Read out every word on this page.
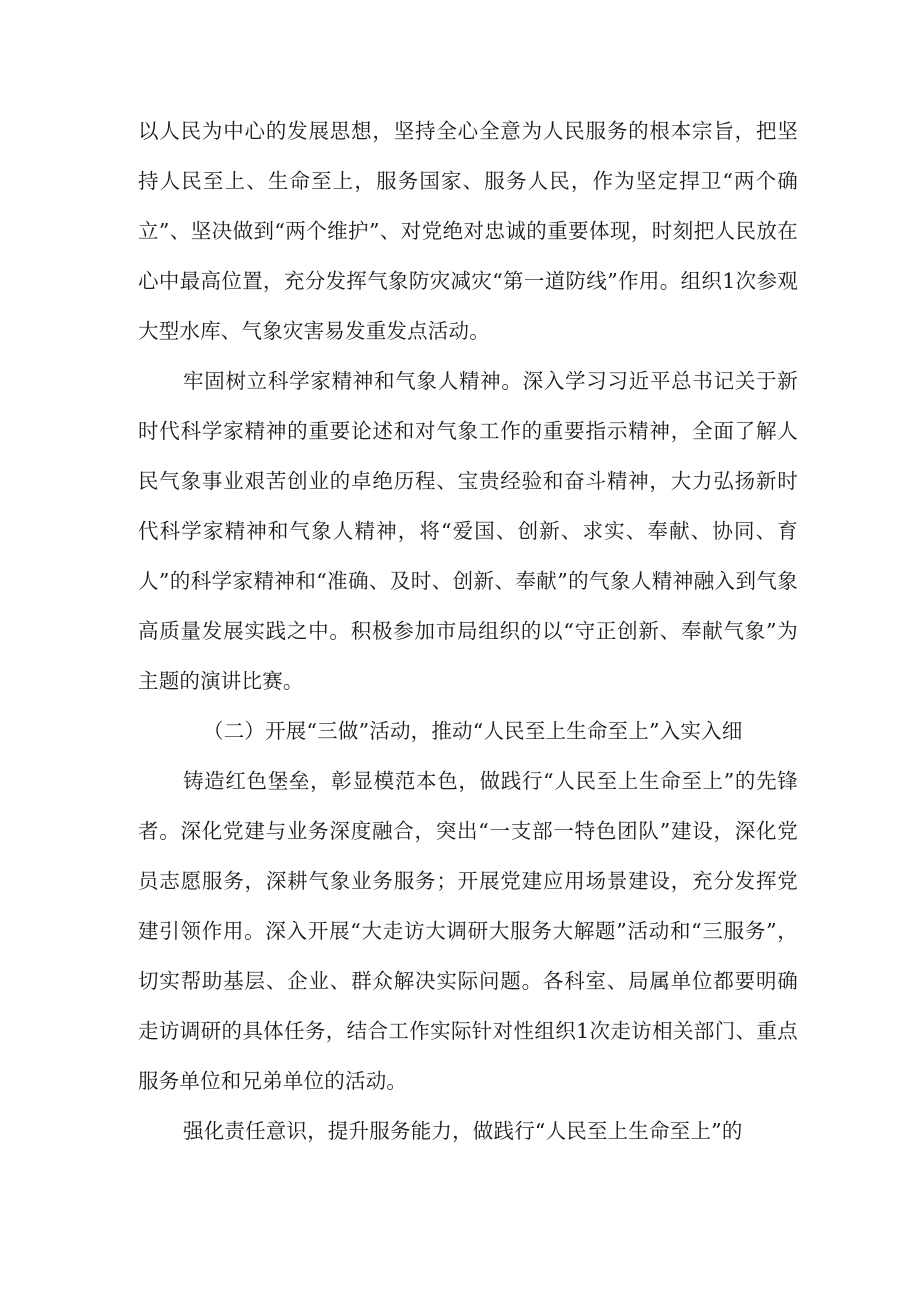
以人民为中心的发展思想，坚持全心全意为人民服务的根本宗旨，把坚持人民至上、生命至上，服务国家、服务人民，作为坚定捍卫“两个确立”、坚决做到“两个维护”、对党绝对忠诚的重要体现，时刻把人民放在心中最高位置，充分发挥气象防灾减灾“第一道防线”作用。组织1次参观大型水库、气象灾害易发重发点活动。

牢固树立科学家精神和气象人精神。深入学习习近平总书记关于新时代科学家精神的重要论述和对气象工作的重要指示精神，全面了解人民气象事业艰苦创业的卓绝历程、宝贵经验和奋斗精神，大力弘扬新时代科学家精神和气象人精神，将“爱国、创新、求实、奉献、协同、育人”的科学家精神和“准确、及时、创新、奉献”的气象人精神融入到气象高质量发展实践之中。积极参加市局组织的以“守正创新、奉献气象”为主题的演讲比赛。

（二）开展“三做”活动，推动“人民至上生命至上”入实入细

铸造红色堡垒，彰显模范本色，做践行“人民至上生命至上”的先锋者。深化党建与业务深度融合，突出“一支部一特色团队”建设，深化党员志愿服务，深耕气象业务服务；开展党建应用场景建设，充分发挥党建引领作用。深入开展“大走访大调研大服务大解题”活动和“三服务”，切实帮助基层、企业、群众解决实际问题。各科室、局属单位都要明确走访调研的具体任务，结合工作实际针对性组织1次走访相关部门、重点服务单位和兄弟单位的活动。

强化责任意识，提升服务能力，做践行“人民至上生命至上”的
